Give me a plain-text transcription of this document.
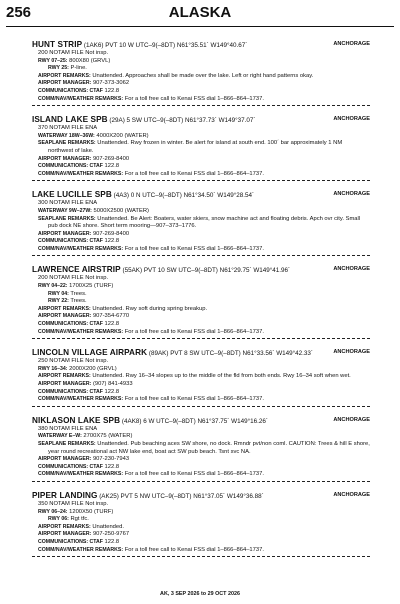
256	ALASKA
HUNT STRIP (1AK6) PVT 10 W UTC–9(–8DT) N61°35.51´ W149°40.67´	ANCHORAGE
200 NOTAM FILE Not insp.
RWY 07–25: 800X80 (GRVL)
RWY 25: P-line.
AIRPORT REMARKS: Unattended. Approaches shall be made over the lake. Left or right hand patterns okay.
AIRPORT MANAGER: 907-373-3062
COMMUNICATIONS: CTAF 122.8
COMM/NAV/WEATHER REMARKS: For a toll free call to Kenai FSS dial 1–866–864–1737.
ISLAND LAKE SPB (29A) 5 SW UTC–9(–8DT) N61°37.73´ W149°37.07´	ANCHORAGE
370 NOTAM FILE ENA
WATERWAY 18W–36W: 4000X200 (WATER)
SEAPLANE REMARKS: Unattended. Rwy frozen in winter. Be alert for island at south end. 100´ bar approximately 1 NM
northwest of lake.
AIRPORT MANAGER: 907-269-8400
COMMUNICATIONS: CTAF 122.8
COMM/NAV/WEATHER REMARKS: For a toll free call to Kenai FSS dial 1–866–864–1737.
LAKE LUCILLE SPB (4A3) 0 N UTC–9(–8DT) N61°34.50´ W149°28.54´	ANCHORAGE
300 NOTAM FILE ENA
WATERWAY 9W–27W: 5000X2500 (WATER)
SEAPLANE REMARKS: Unattended. Be Alert: Boaters, water skiers, snow machine act and floating debris. Apch ovr city. Small
pub dock NE shore. Short term mooring—907–373–1776.
AIRPORT MANAGER: 907-269-8400
COMMUNICATIONS: CTAF 122.8
COMM/NAV/WEATHER REMARKS: For a toll free call to Kenai FSS dial 1–866–864–1737.
LAWRENCE AIRSTRIP (55AK) PVT 10 SW UTC–9(–8DT) N61°29.75´ W149°41.96´	ANCHORAGE
200 NOTAM FILE Not insp.
RWY 04–22: 1700X25 (TURF)
RWY 04: Trees.
RWY 22: Trees.
AIRPORT REMARKS: Unattended. Rwy soft during spring breakup.
AIRPORT MANAGER: 907-354-6770
COMMUNICATIONS: CTAF 122.8
COMM/NAV/WEATHER REMARKS: For a toll free call to Kenai FSS dial 1–866–864–1737.
LINCOLN VILLAGE AIRPARK (89AK) PVT 8 SW UTC–9(–8DT) N61°33.56´ W149°42.33´	ANCHORAGE
250 NOTAM FILE Not insp.
RWY 16–34: 2000X200 (GRVL)
AIRPORT REMARKS: Unattended. Rwy 16–34 slopes up to the middle of the fld from both ends. Rwy 16–34 soft when wet.
AIRPORT MANAGER: (907) 841-4933
COMMUNICATIONS: CTAF 122.8
COMM/NAV/WEATHER REMARKS: For a toll free call to Kenai FSS dial 1–866–864–1737.
NIKLASON LAKE SPB (4AK8) 6 W UTC–9(–8DT) N61°37.75´ W149°16.26´	ANCHORAGE
380 NOTAM FILE ENA
WATERWAY E–W: 2700X75 (WATER)
SEAPLANE REMARKS: Unattended. Pub beaching aces SW shore, no dock. Rmndr pvt/non coml. CAUTION: Trees & hill E shore,
year round recreational act NW lake end, boat act SW pub beach. Tsnt svc NA.
AIRPORT MANAGER: 907-230-7943
COMMUNICATIONS: CTAF 122.8
COMM/NAV/WEATHER REMARKS: For a toll free call to Kenai FSS dial 1–866–864–1737.
PIPER LANDING (AK25) PVT 5 NW UTC–9(–8DT) N61°37.05´ W149°36.88´	ANCHORAGE
350 NOTAM FILE Not insp.
RWY 06–24: 1200X50 (TURF)
RWY 06: Rgt tfc.
AIRPORT REMARKS: Unattended.
AIRPORT MANAGER: 907-250-9767
COMMUNICATIONS: CTAF 122.8
COMM/NAV/WEATHER REMARKS: For a toll free call to Kenai FSS dial 1–866–864–1737.
AK, 3 SEP 2026 to 29 OCT 2026
